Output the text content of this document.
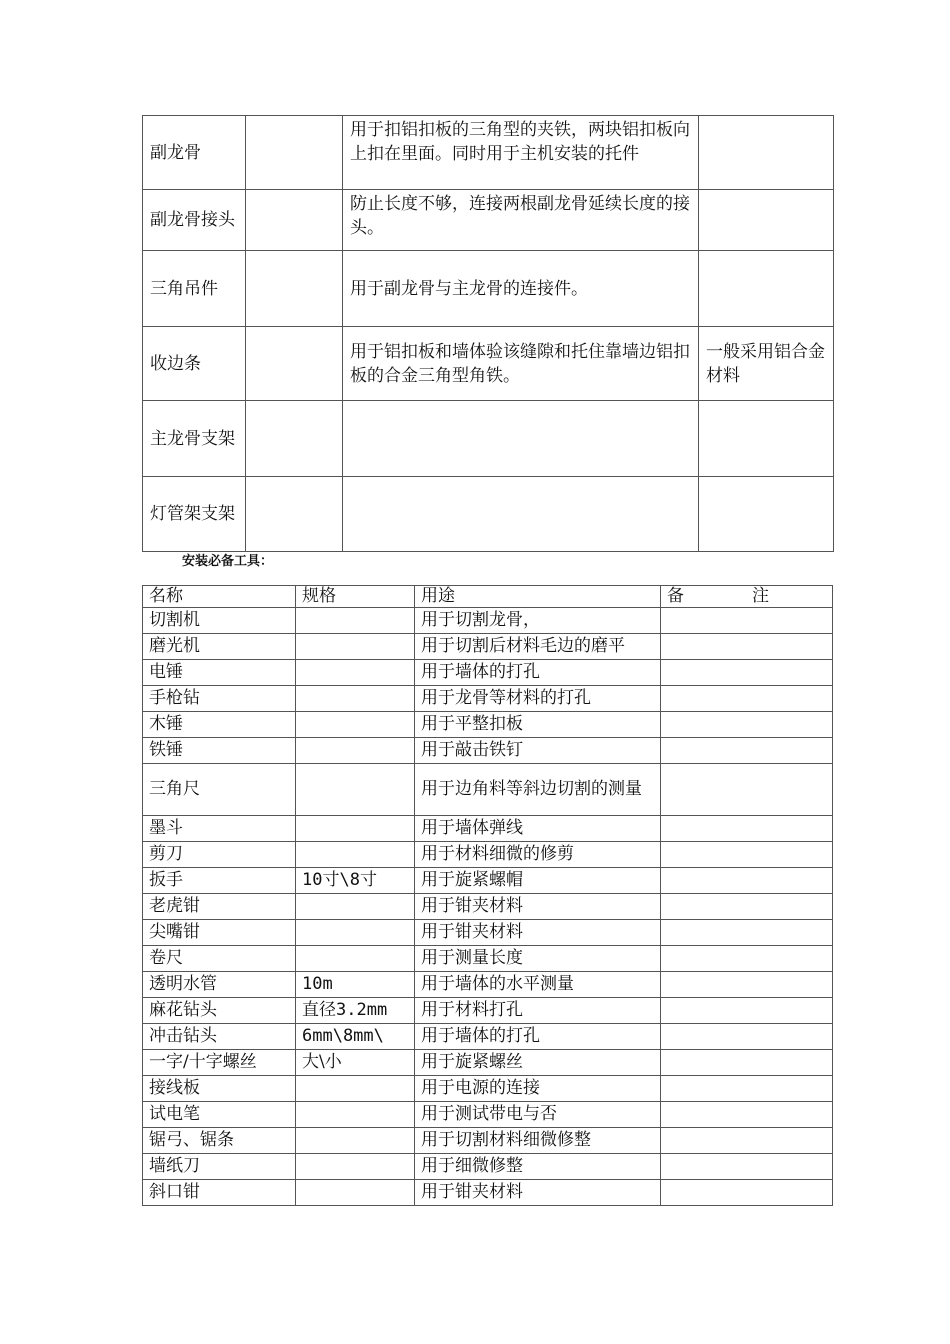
副龙骨		用于扣铝扣板的三角型的夹铁，两块铝扣板向上扣在里面。同时用于主机安装的托件	
副龙骨接头		防止长度不够，连接两根副龙骨延续长度的接头。	
三角吊件		用于副龙骨与主龙骨的连接件。	
收边条		用于铝扣板和墙体验该缝隙和托住靠墙边铝扣板的合金三角型角铁。	一般采用铝合金材料
主龙骨支架			
灯管架支架			
安装必备工具：
名称	规格	用途	备　　　　注
切割机		用于切割龙骨，	
磨光机		用于切割后材料毛边的磨平	
电锤		用于墙体的打孔	
手枪钻		用于龙骨等材料的打孔	
木锤		用于平整扣板	
铁锤		用于敲击铁钉	
三角尺		用于边角料等斜边切割的测量	
墨斗		用于墙体弹线	
剪刀		用于材料细微的修剪	
扳手	10寸\8寸	用于旋紧螺帽	
老虎钳		用于钳夹材料	
尖嘴钳		用于钳夹材料	
卷尺		用于测量长度	
透明水管	10m	用于墙体的水平测量	
麻花钻头	直径3.2mm	用于材料打孔	
冲击钻头	6mm\8mm\	用于墙体的打孔	
一字/十字螺丝	大\小	用于旋紧螺丝	
接线板		用于电源的连接	
试电笔		用于测试带电与否	
锯弓、锯条		用于切割材料细微修整	
墙纸刀		用于细微修整	
斜口钳		用于钳夹材料	
